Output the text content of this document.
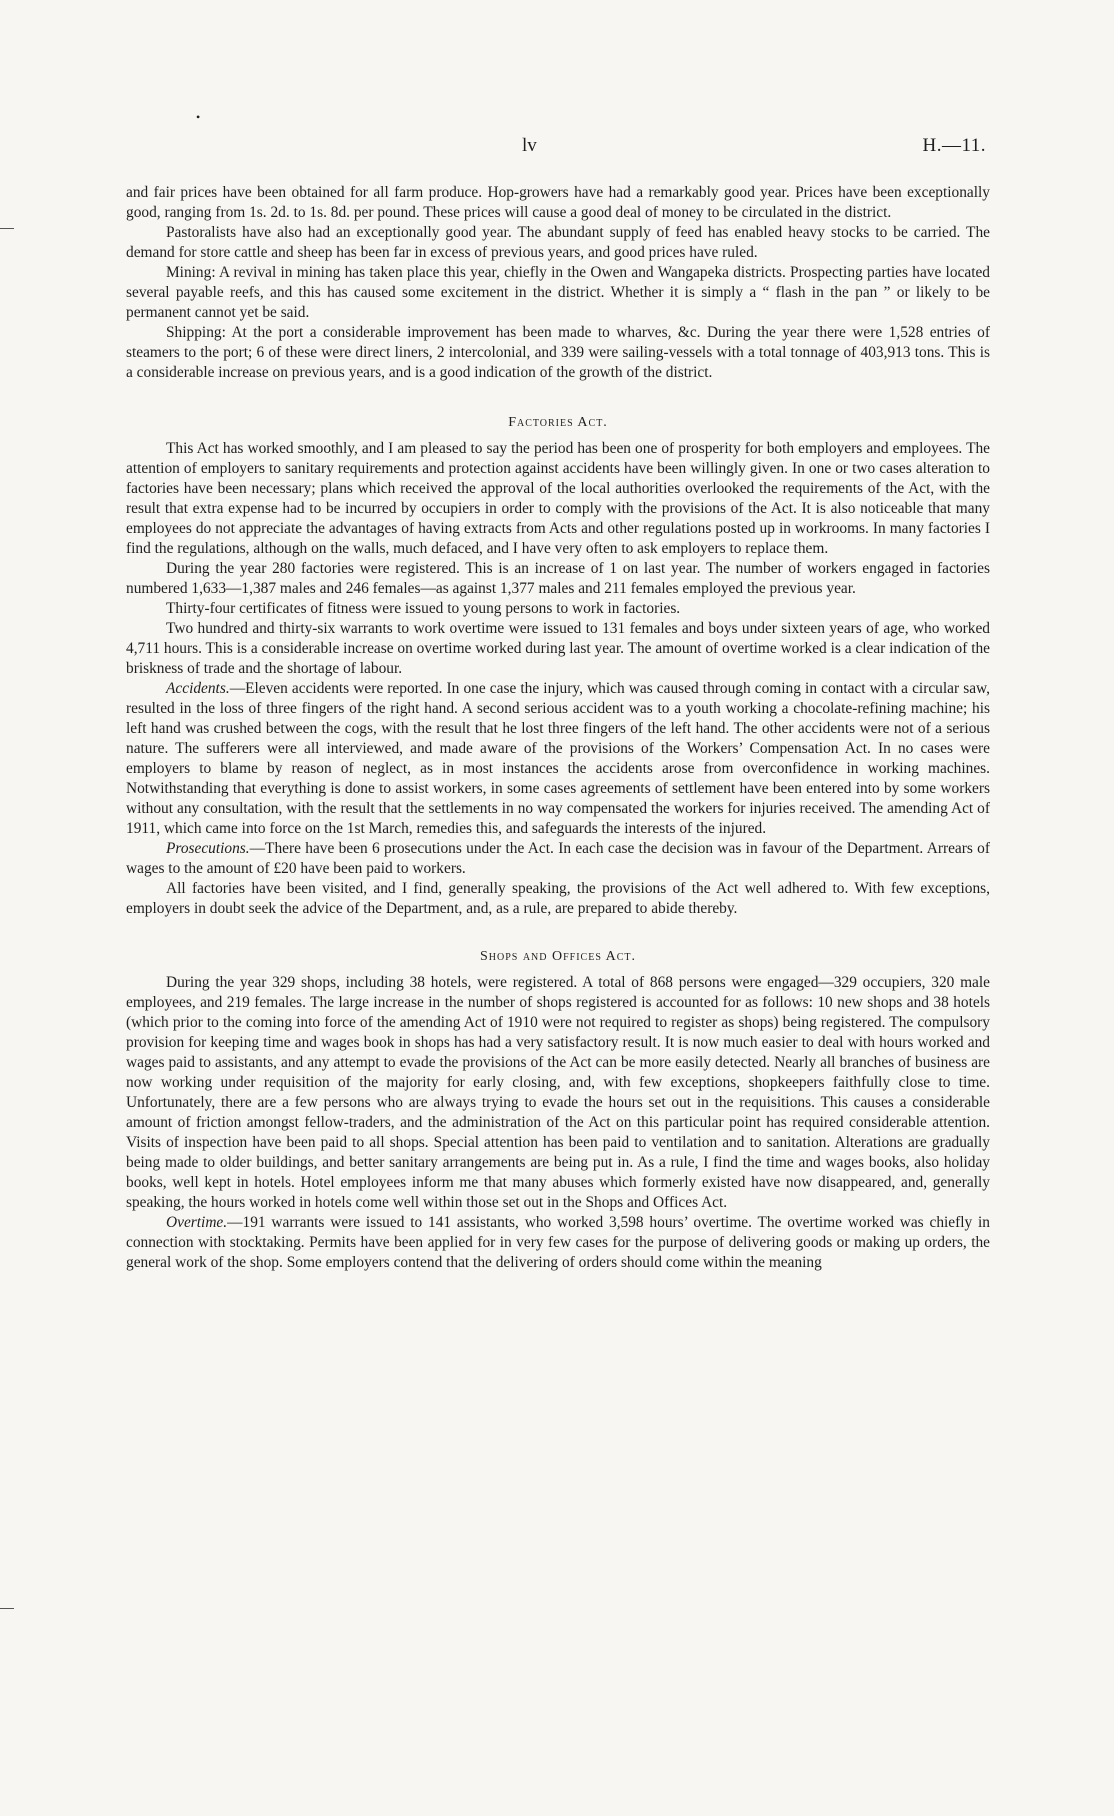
lv	H.—11.
•

and fair prices have been obtained for all farm produce. Hop-growers have had a remarkably good year. Prices have been exceptionally good, ranging from 1s. 2d. to 1s. 8d. per pound. These prices will cause a good deal of money to be circulated in the district.

Pastoralists have also had an exceptionally good year. The abundant supply of feed has enabled heavy stocks to be carried. The demand for store cattle and sheep has been far in excess of previous years, and good prices have ruled.

Mining: A revival in mining has taken place this year, chiefly in the Owen and Wangapeka districts. Prospecting parties have located several payable reefs, and this has caused some excitement in the district. Whether it is simply a “ flash in the pan ” or likely to be permanent cannot yet be said.

Shipping: At the port a considerable improvement has been made to wharves, &c. During the year there were 1,528 entries of steamers to the port; 6 of these were direct liners, 2 intercolonial, and 339 were sailing-vessels with a total tonnage of 403,913 tons. This is a considerable increase on previous years, and is a good indication of the growth of the district.

Factories Act.

This Act has worked smoothly, and I am pleased to say the period has been one of prosperity for both employers and employees. The attention of employers to sanitary requirements and protection against accidents have been willingly given. In one or two cases alteration to factories have been necessary; plans which received the approval of the local authorities overlooked the requirements of the Act, with the result that extra expense had to be incurred by occupiers in order to comply with the provisions of the Act. It is also noticeable that many employees do not appreciate the advantages of having extracts from Acts and other regulations posted up in workrooms. In many factories I find the regulations, although on the walls, much defaced, and I have very often to ask employers to replace them.

During the year 280 factories were registered. This is an increase of 1 on last year. The number of workers engaged in factories numbered 1,633—1,387 males and 246 females—as against 1,377 males and 211 females employed the previous year.

Thirty-four certificates of fitness were issued to young persons to work in factories.

Two hundred and thirty-six warrants to work overtime were issued to 131 females and boys under sixteen years of age, who worked 4,711 hours. This is a considerable increase on overtime worked during last year. The amount of overtime worked is a clear indication of the briskness of trade and the shortage of labour.

Accidents.—Eleven accidents were reported. In one case the injury, which was caused through coming in contact with a circular saw, resulted in the loss of three fingers of the right hand. A second serious accident was to a youth working a chocolate-refining machine; his left hand was crushed between the cogs, with the result that he lost three fingers of the left hand. The other accidents were not of a serious nature. The sufferers were all interviewed, and made aware of the provisions of the Workers’ Compensation Act. In no cases were employers to blame by reason of neglect, as in most instances the accidents arose from overconfidence in working machines. Notwithstanding that everything is done to assist workers, in some cases agreements of settlement have been entered into by some workers without any consultation, with the result that the settlements in no way compensated the workers for injuries received. The amending Act of 1911, which came into force on the 1st March, remedies this, and safeguards the interests of the injured.

Prosecutions.—There have been 6 prosecutions under the Act. In each case the decision was in favour of the Department. Arrears of wages to the amount of £20 have been paid to workers.

All factories have been visited, and I find, generally speaking, the provisions of the Act well adhered to. With few exceptions, employers in doubt seek the advice of the Department, and, as a rule, are prepared to abide thereby.

Shops and Offices Act.

During the year 329 shops, including 38 hotels, were registered. A total of 868 persons were engaged—329 occupiers, 320 male employees, and 219 females. The large increase in the number of shops registered is accounted for as follows: 10 new shops and 38 hotels (which prior to the coming into force of the amending Act of 1910 were not required to register as shops) being registered. The compulsory provision for keeping time and wages book in shops has had a very satisfactory result. It is now much easier to deal with hours worked and wages paid to assistants, and any attempt to evade the provisions of the Act can be more easily detected. Nearly all branches of business are now working under requisition of the majority for early closing, and, with few exceptions, shopkeepers faithfully close to time. Unfortunately, there are a few persons who are always trying to evade the hours set out in the requisitions. This causes a considerable amount of friction amongst fellow-traders, and the administration of the Act on this particular point has required considerable attention. Visits of inspection have been paid to all shops. Special attention has been paid to ventilation and to sanitation. Alterations are gradually being made to older buildings, and better sanitary arrangements are being put in. As a rule, I find the time and wages books, also holiday books, well kept in hotels. Hotel employees inform me that many abuses which formerly existed have now disappeared, and, generally speaking, the hours worked in hotels come well within those set out in the Shops and Offices Act.

Overtime.—191 warrants were issued to 141 assistants, who worked 3,598 hours’ overtime. The overtime worked was chiefly in connection with stocktaking. Permits have been applied for in very few cases for the purpose of delivering goods or making up orders, the general work of the shop. Some employers contend that the delivering of orders should come within the meaning
